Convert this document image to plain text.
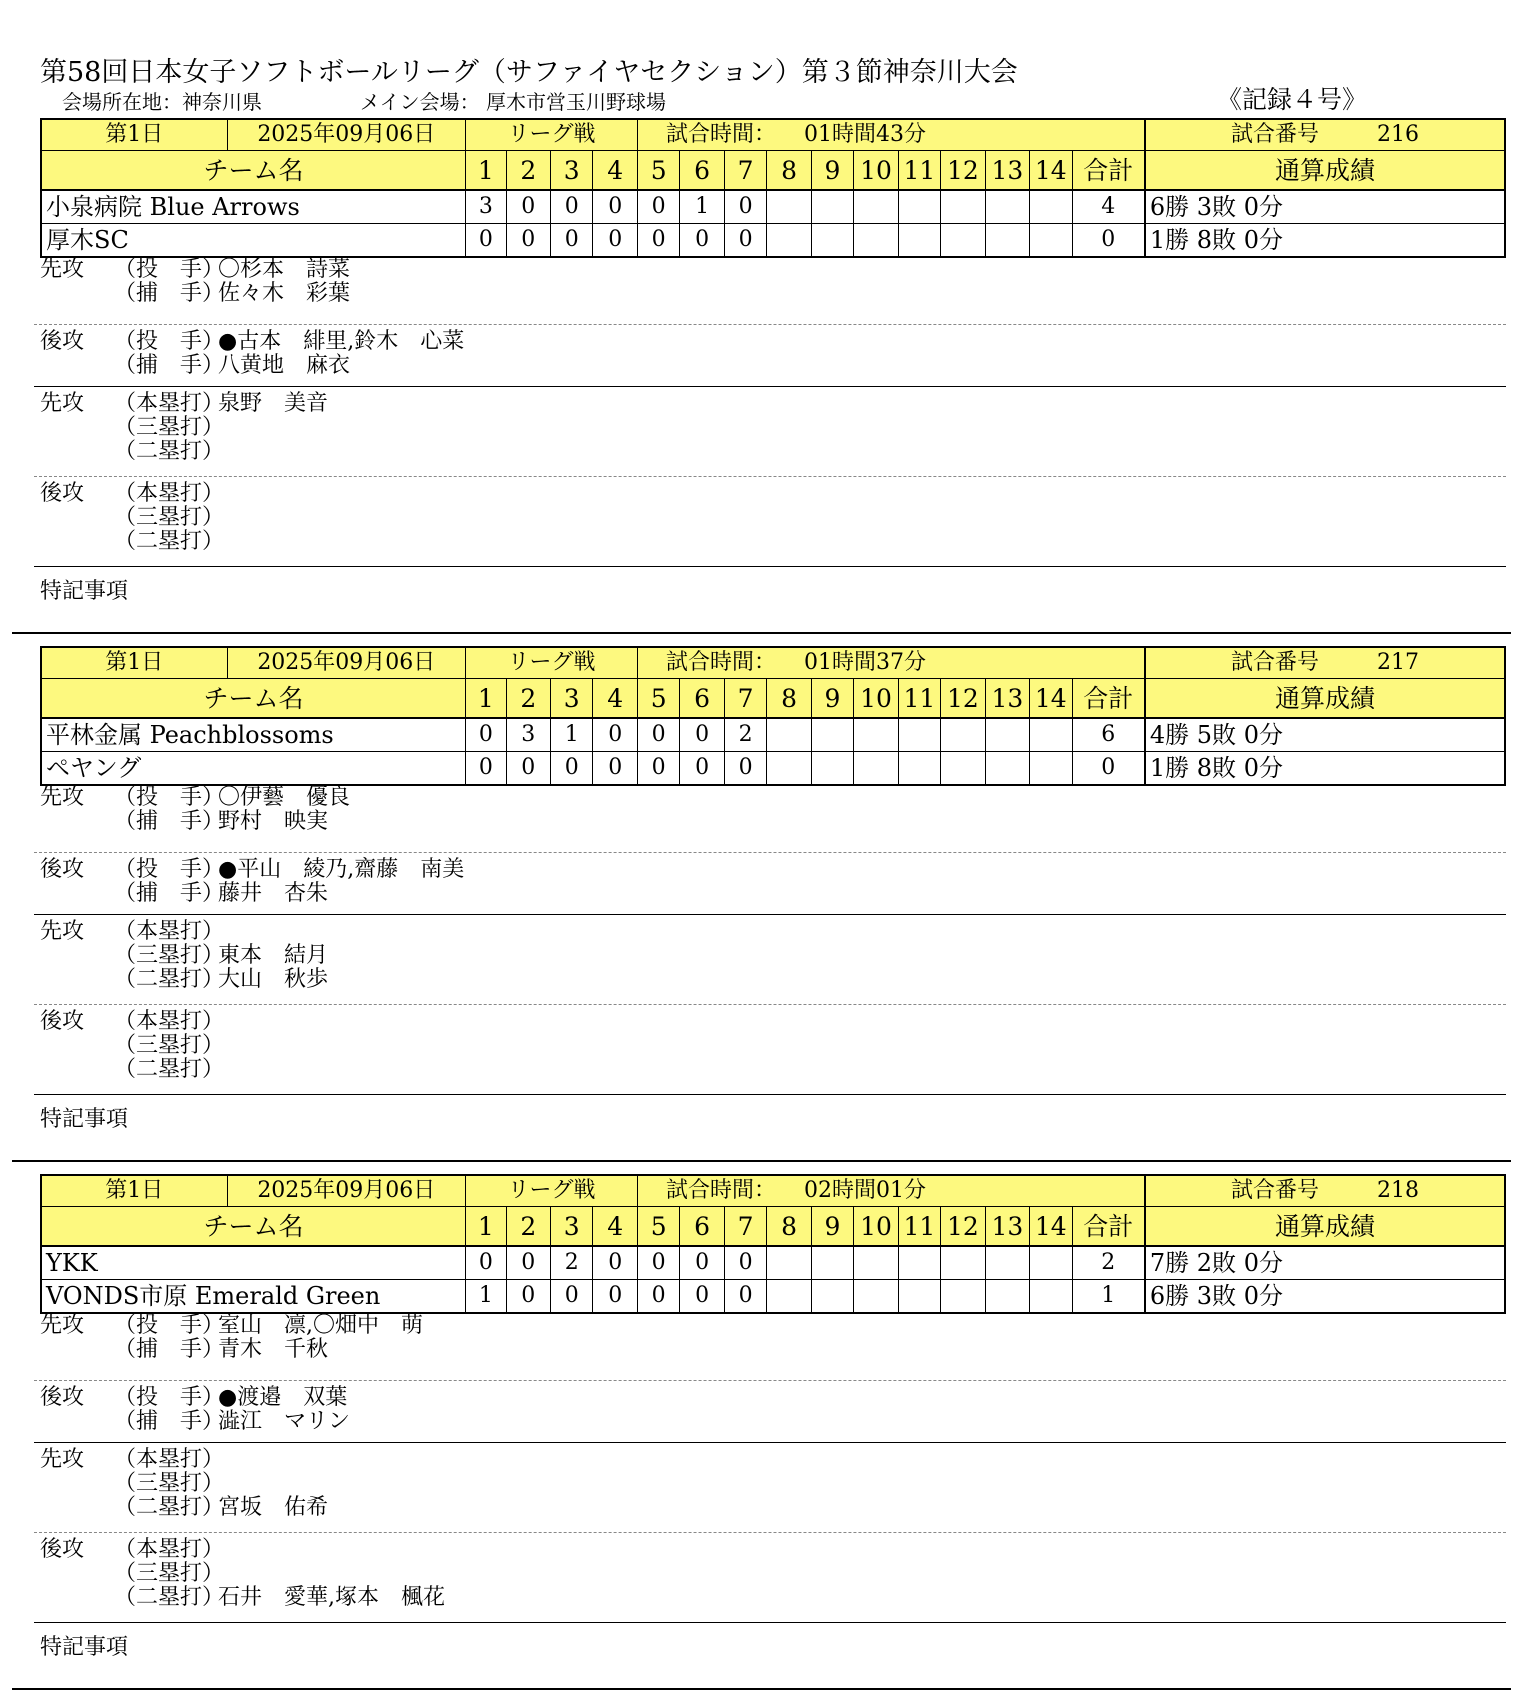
第58回日本女子ソフトボールリーグ（サファイヤセクション）第３節神奈川大会
会場所在地：神奈川県	メイン会場： 厚木市営玉川野球場	《記録４号》
第1日	2025年09月06日	リーグ戦				試合時間： 01時間43分											試合番号 216
チーム名		1	2	3	4	5	6	7	8	9	10	11	12	13	14	合計	通算成績
小泉病院 Blue Arrows		3	0	0	0	0	1	0								4	6勝 3敗 0分
厚木SC		0	0	0	0	0	0	0								0	1勝 8敗 0分
先攻	（投　手）〇杉本　詩菜
（捕　手）佐々木　彩葉
後攻	（投　手）●古本　緋里,鈴木　心菜
（捕　手）八黄地　麻衣
先攻	（本塁打）泉野　美音
（三塁打）
（二塁打）
後攻	（本塁打）
（三塁打）
（二塁打）
特記事項
第1日	2025年09月06日	リーグ戦				試合時間： 01時間37分											試合番号 217
チーム名		1	2	3	4	5	6	7	8	9	10	11	12	13	14	合計	通算成績
平林金属 Peachblossoms		0	3	1	0	0	0	2								6	4勝 5敗 0分
ペヤング		0	0	0	0	0	0	0								0	1勝 8敗 0分
先攻	（投　手）〇伊藝　優良
（捕　手）野村　映実
後攻	（投　手）●平山　綾乃,齋藤　南美
（捕　手）藤井　杏朱
先攻	（本塁打）
（三塁打）東本　結月
（二塁打）大山　秋歩
後攻	（本塁打）
（三塁打）
（二塁打）
特記事項
第1日	2025年09月06日	リーグ戦				試合時間： 02時間01分											試合番号 218
チーム名		1	2	3	4	5	6	7	8	9	10	11	12	13	14	合計	通算成績
YKK		0	0	2	0	0	0	0								2	7勝 2敗 0分
VONDS市原 Emerald Green		1	0	0	0	0	0	0								1	6勝 3敗 0分
先攻	（投　手）室山　凛,〇畑中　萌
（捕　手）青木　千秋
後攻	（投　手）●渡邉　双葉
（捕　手）澁江　マリン
先攻	（本塁打）
（三塁打）
（二塁打）宮坂　佑希
後攻	（本塁打）
（三塁打）
（二塁打）石井　愛華,塚本　楓花
特記事項
